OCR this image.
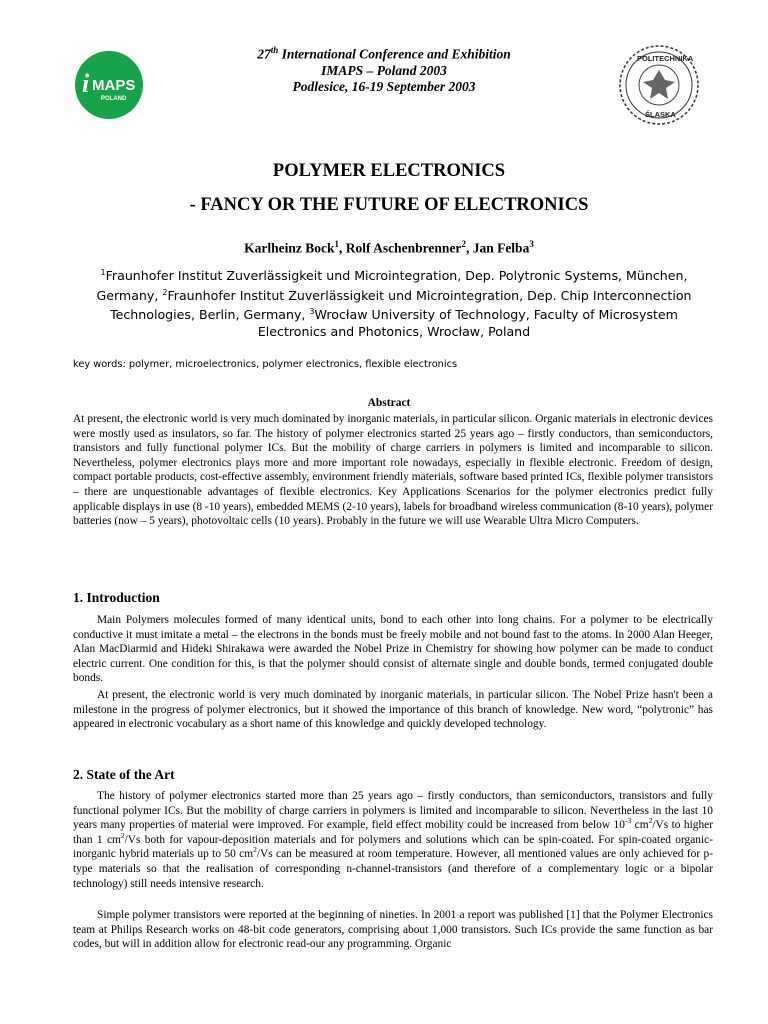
i MAPS
POLAND
POLITECHNIKA
ŚLĄSKA
27th International Conference and Exhibition
IMAPS – Poland 2003
Podlesice, 16-19 September 2003
POLYMER ELECTRONICS
- FANCY OR THE FUTURE OF ELECTRONICS
Karlheinz Bock$^1$, Rolf Aschenbrenner$^2$, Jan Felba$^3$
$^1$Fraunhofer Institut Zuverlässigkeit und Microintegration, Dep. Polytronic Systems, München, Germany, $^2$Fraunhofer Institut Zuverlässigkeit und Microintegration, Dep. Chip Interconnection Technologies, Berlin, Germany, $^3$Wrocław University of Technology, Faculty of Microsystem Electronics and Photonics, Wrocław, Poland
key words: polymer, microelectronics, polymer electronics, flexible electronics
Abstract
At present, the electronic world is very much dominated by inorganic materials, in particular silicon. Organic materials in electronic devices were mostly used as insulators, so far. The history of polymer electronics started 25 years ago – firstly conductors, than semiconductors, transistors and fully functional polymer ICs. But the mobility of charge carriers in polymers is limited and incomparable to silicon. Nevertheless, polymer electronics plays more and more important role nowadays, especially in flexible electronic. Freedom of design, compact portable products, cost-effective assembly, environment friendly materials, software based printed ICs, flexible polymer transistors – there are unquestionable advantages of flexible electronics. Key Applications Scenarios for the polymer electronics predict fully applicable displays in use (8 -10 years), embedded MEMS (2-10 years), labels for broadband wireless communication (8-10 years), polymer batteries (now – 5 years), photovoltaic cells (10 years). Probably in the future we will use Wearable Ultra Micro Computers.
1. Introduction
Main Polymers molecules formed of many identical units, bond to each other into long chains. For a polymer to be electrically conductive it must imitate a metal – the electrons in the bonds must be freely mobile and not bound fast to the atoms. In 2000 Alan Heeger, Alan MacDiarmid and Hideki Shirakawa were awarded the Nobel Prize in Chemistry for showing how polymer can be made to conduct electric current. One condition for this, is that the polymer should consist of alternate single and double bonds, termed conjugated double bonds.
At present, the electronic world is very much dominated by inorganic materials, in particular silicon. The Nobel Prize hasn't been a milestone in the progress of polymer electronics, but it showed the importance of this branch of knowledge. New word, “polytronic” has appeared in electronic vocabulary as a short name of this knowledge and quickly developed technology.
2. State of the Art
The history of polymer electronics started more than 25 years ago – firstly conductors, than semiconductors, transistors and fully functional polymer ICs. But the mobility of charge carriers in polymers is limited and incomparable to silicon. Nevertheless in the last 10 years many properties of material were improved. For example, field effect mobility could be increased from below $10^{-3}$ $cm^2/Vs$ to higher than 1 $cm^2/Vs$ both for vapour-deposition materials and for polymers and solutions which can be spin-coated. For spin-coated organic-inorganic hybrid materials up to 50 $cm^2/Vs$ can be measured at room temperature. However, all mentioned values are only achieved for p-type materials so that the realisation of corresponding n-channel-transistors (and therefore of a complementary logic or a bipolar technology) still needs intensive research.
Simple polymer transistors were reported at the beginning of nineties. In 2001 a report was published [1] that the Polymer Electronics team at Philips Research works on 48-bit code generators, comprising about 1,000 transistors. Such ICs provide the same function as bar codes, but will in addition allow for electronic read-our any programming. Organic
